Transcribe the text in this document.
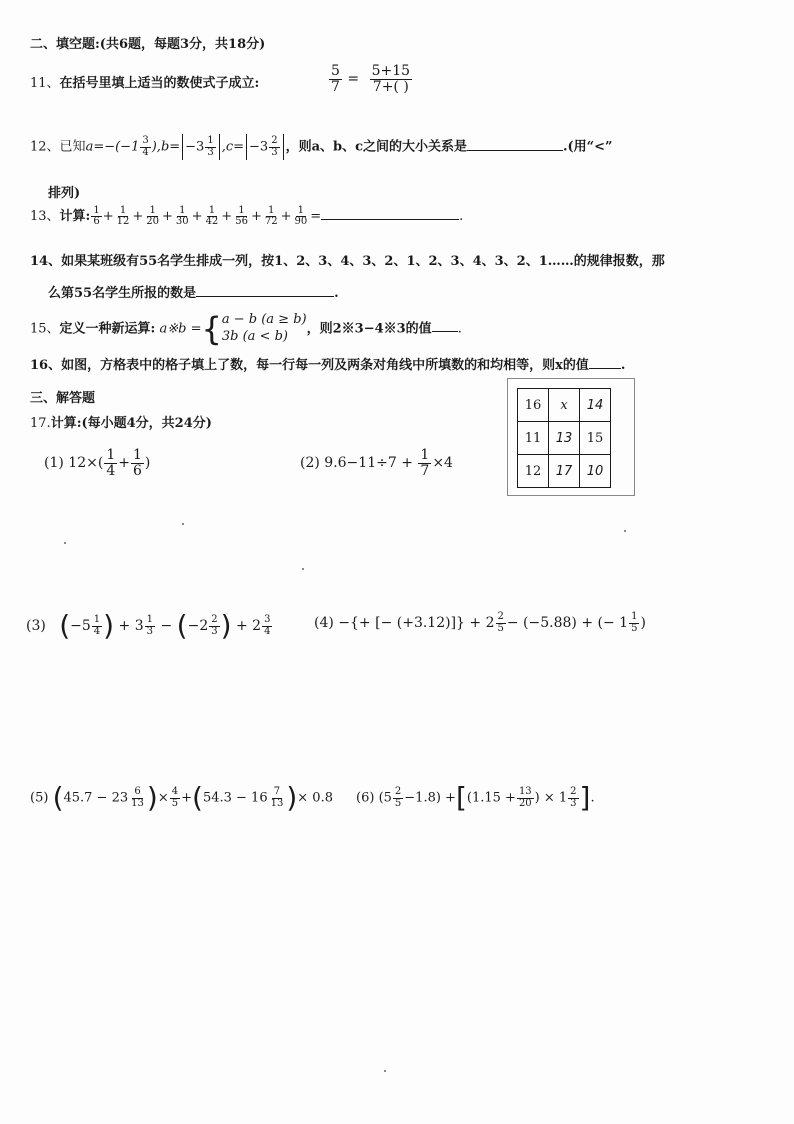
二、填空题:(共6题，每题3分，共18分)
11、在括号里填上适当的数使式子成立:	$\frac{5}{7} = \frac{5+15}{7+( )}$
12、已知$a=-(-1 \frac{3}{4} ),b= -3 \frac{1}{3} ,c= -3 \frac{2}{3}$ ，则a、b、c之间的大小关系是	.(用“<”
排列)
13、计算: $\frac{1}{6} + \frac{1}{12} + \frac{1}{20} + \frac{1}{30} + \frac{1}{42} + \frac{1}{56} + \frac{1}{72} + \frac{1}{90}$ =	.
14、如果某班级有55名学生排成一列，按1、2、3、4、3、2、1、2、3、4、3、2、1……的规律报数，那
么第55名学生所报的数是	.
15、定义一种新运算: a※b ={ a − b (a ≥ b)
3b (a < b)	，则2※3−4※3的值 .
16、如图，方格表中的格子填上了数，每一行每一列及两条对角线中所填数的和均相等，则x的值 .
三、解答题
17.计算:(每小题4分，共24分)
16	x	14
11	13	15
12	17	10
(1) $12\times( \frac{1}{4} + \frac{1}{6}$ )	(2) $9.6-11\div 7 + \frac{1}{7} \times 4$
(3) ($-5 \frac{1}{4}$ ) + $3 \frac{1}{3} - (-2 \frac{2}{3}$ ) + $2 \frac{3}{4}$	(4) −{+ [− $(+3.12)]\} + 2 \frac{2}{5} - (-5.88)$ + (− $1 \frac{1}{5}$ )
(5) ($45.7 - 23 \frac{6}{13}$ )× $\frac{4}{5} +(54.3 - 16 \frac{7}{13}$ )× 0.8 (6) $(5 \frac{2}{5} -1.8) +[(1.15 + \frac{13}{20}$ ) × $1 \frac{2}{3}$ ].
